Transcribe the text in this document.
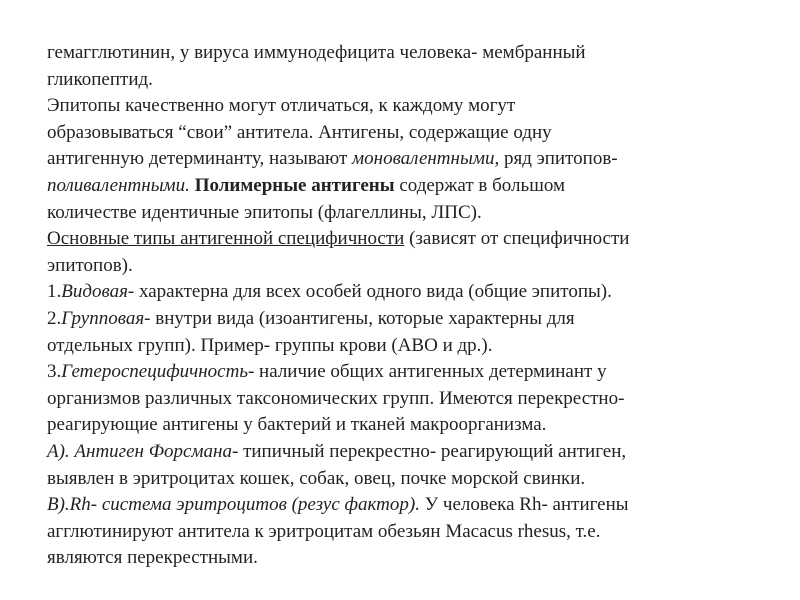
гемагглютинин, у вируса иммунодефицита человека- мембранный
гликопептид.
Эпитопы качественно могут отличаться, к каждому могут
образовываться “свои” антитела. Антигены, содержащие одну
антигенную детерминанту, называют моновалентными, ряд эпитопов-
поливалентными. Полимерные антигены содержат в большом
количестве идентичные эпитопы (флагеллины, ЛПС).
Основные типы антигенной специфичности (зависят от специфичности
эпитопов).
1.Видовая- характерна для всех особей одного вида (общие эпитопы).
2.Групповая- внутри вида (изоантигены, которые характерны для
отдельных групп). Пример- группы крови (АВО и др.).
3.Гетероспецифичность- наличие общих антигенных детерминант у
организмов различных таксономических групп. Имеются перекрестно-
реагирующие антигены у бактерий и тканей макроорганизма.
А). Антиген Форсмана- типичный перекрестно- реагирующий антиген,
выявлен в эритроцитах кошек, собак, овец, почке морской свинки.
В).Rh- система эритроцитов (резус фактор). У человека Rh- антигены
агглютинируют антитела к эритроцитам обезьян Macacus rhesus, т.е.
являются перекрестными.
